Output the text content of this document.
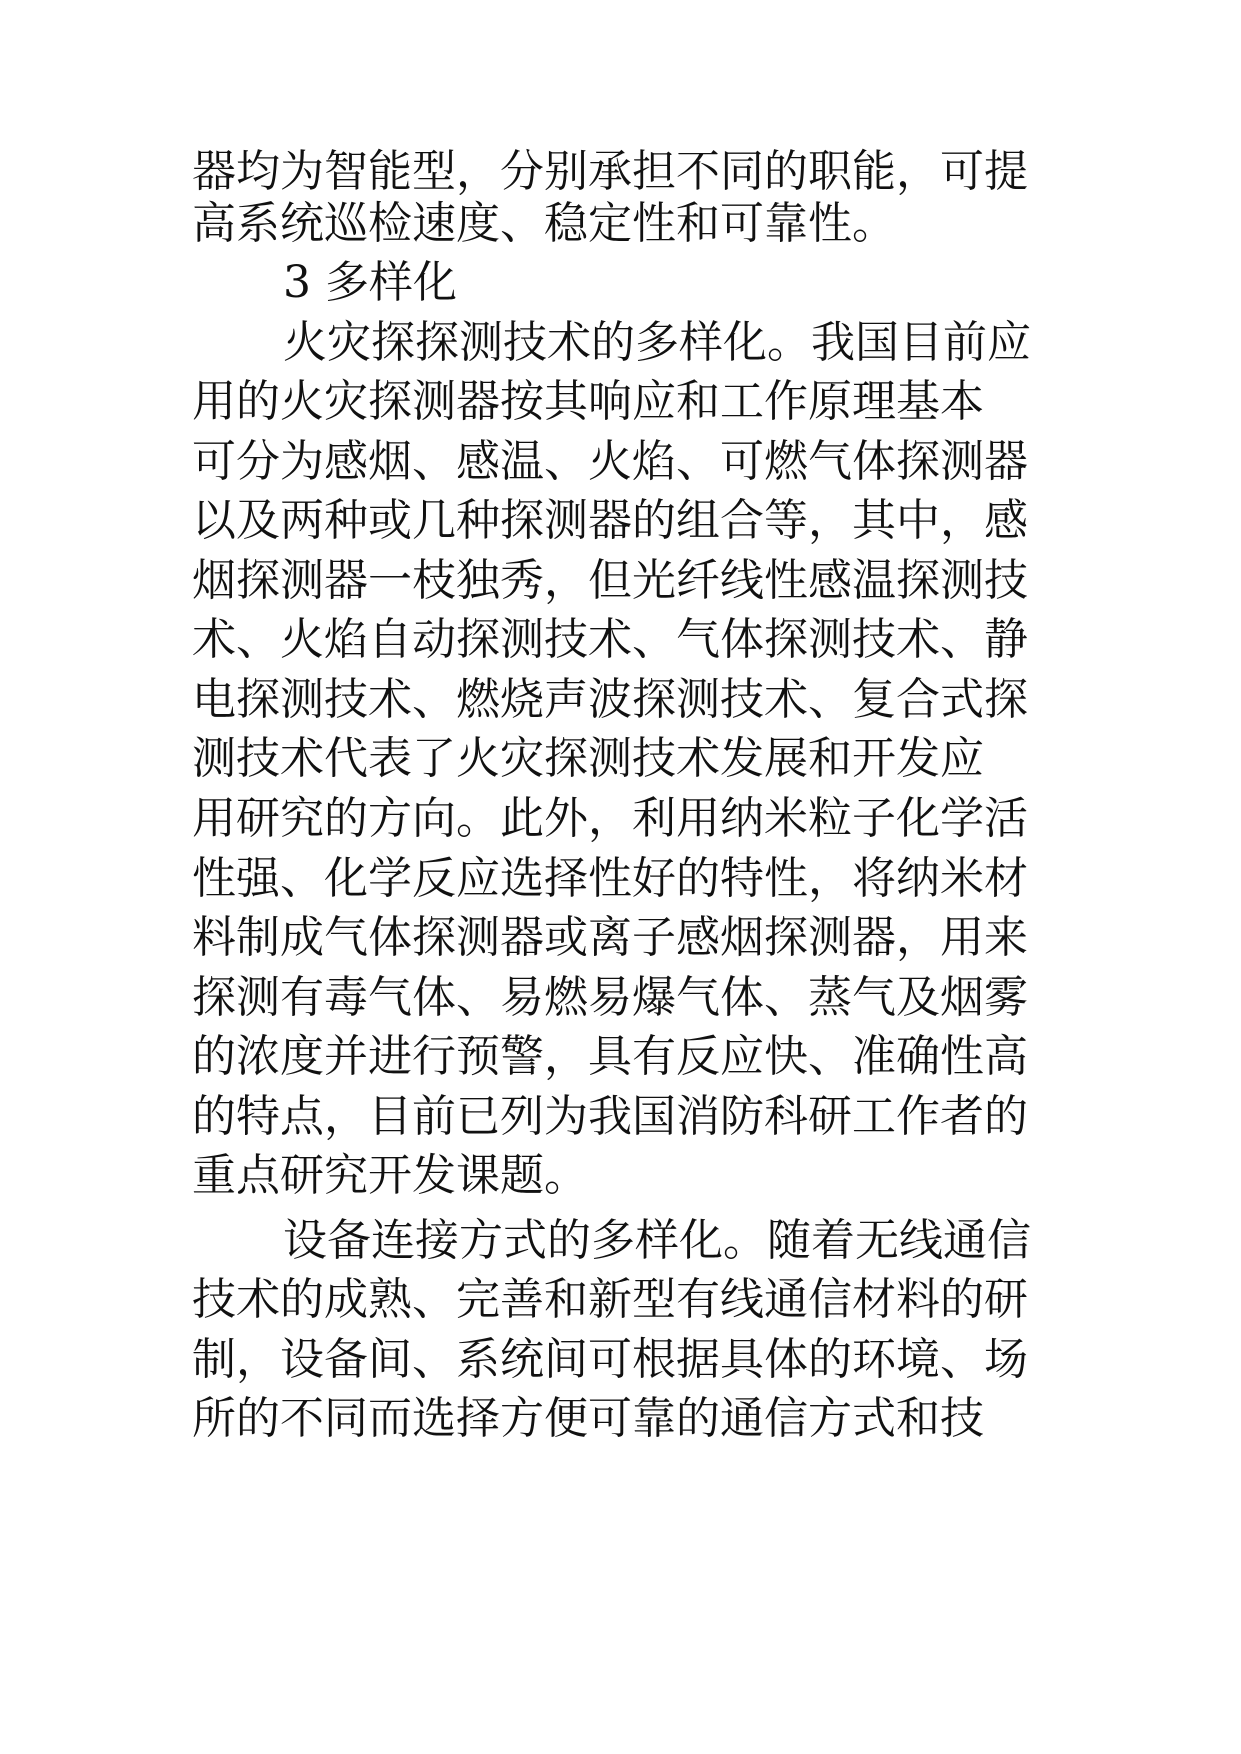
器均为智能型，分别承担不同的职能，可提
高系统巡检速度、稳定性和可靠性。
3 多样化
火灾探探测技术的多样化。我国目前应
用的火灾探测器按其响应和工作原理基本
可分为感烟、感温、火焰、可燃气体探测器
以及两种或几种探测器的组合等，其中，感
烟探测器一枝独秀，但光纤线性感温探测技
术、火焰自动探测技术、气体探测技术、静
电探测技术、燃烧声波探测技术、复合式探
测技术代表了火灾探测技术发展和开发应
用研究的方向。此外，利用纳米粒子化学活
性强、化学反应选择性好的特性，将纳米材
料制成气体探测器或离子感烟探测器，用来
探测有毒气体、易燃易爆气体、蒸气及烟雾
的浓度并进行预警，具有反应快、准确性高
的特点，目前已列为我国消防科研工作者的
重点研究开发课题。
设备连接方式的多样化。随着无线通信
技术的成熟、完善和新型有线通信材料的研
制，设备间、系统间可根据具体的环境、场
所的不同而选择方便可靠的通信方式和技
